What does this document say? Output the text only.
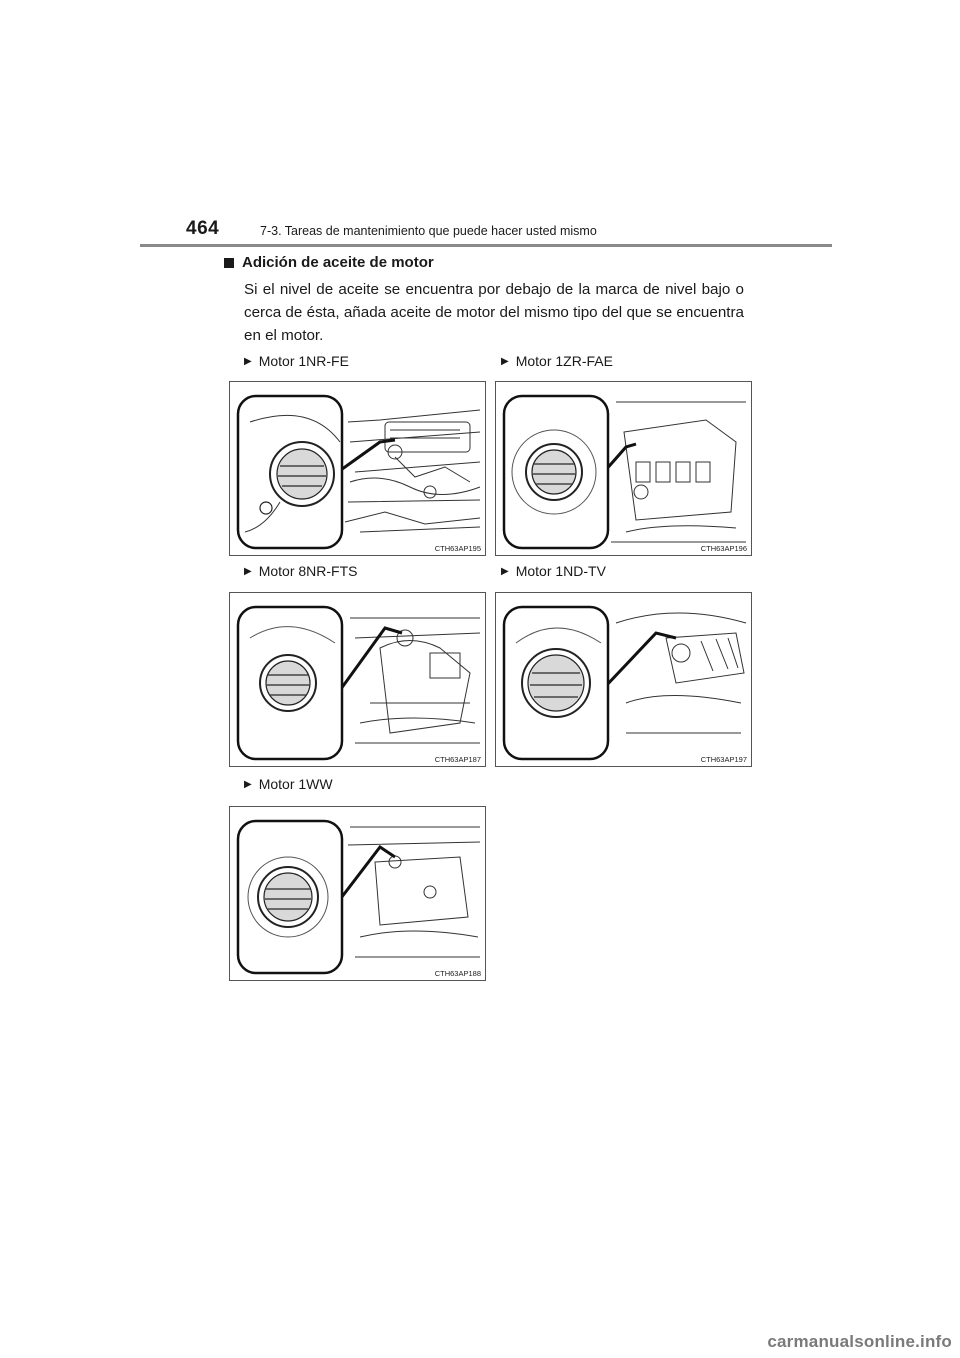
464	7-3. Tareas de mantenimiento que puede hacer usted mismo
Adición de aceite de motor
Si el nivel de aceite se encuentra por debajo de la marca de nivel bajo o cerca de ésta, añada aceite de motor del mismo tipo del que se encuentra en el motor.
▶ Motor 1NR-FE
CTH63AP195
▶ Motor 1ZR-FAE
CTH63AP196
▶ Motor 8NR-FTS
CTH63AP187
▶ Motor 1ND-TV
CTH63AP197
▶ Motor 1WW
CTH63AP188
carmanualsonline.info
